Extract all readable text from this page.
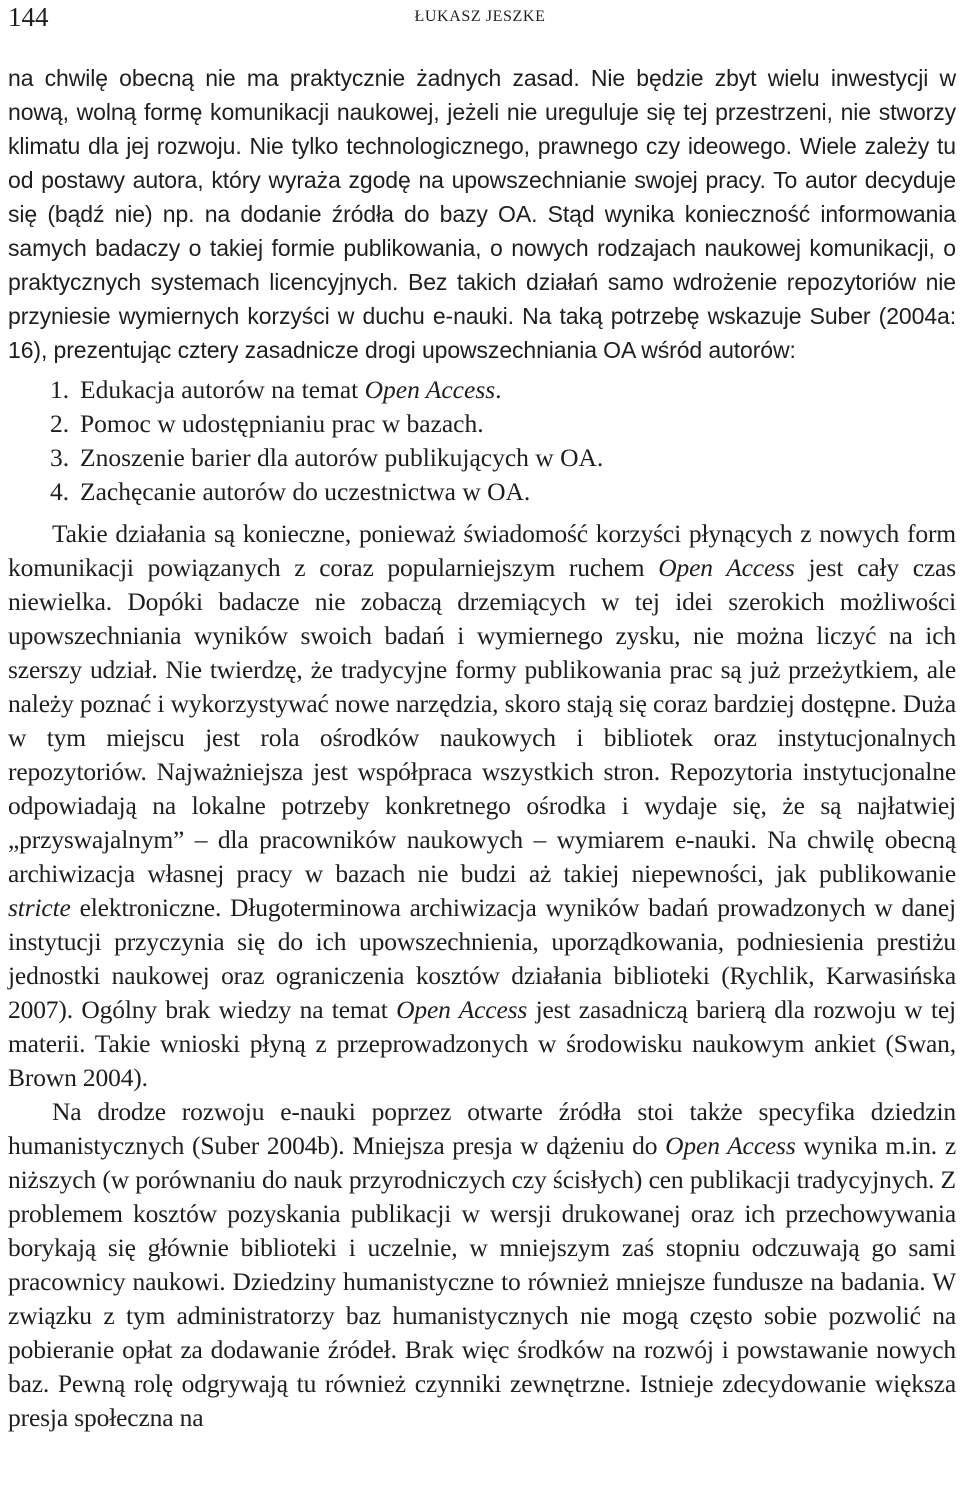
144	ŁUKASZ JESZKE

na chwilę obecną nie ma praktycznie żadnych zasad. Nie będzie zbyt wielu inwestycji w nową, wolną formę komunikacji naukowej, jeżeli nie ureguluje się tej przestrzeni, nie stworzy klimatu dla jej rozwoju. Nie tylko technologicznego, prawnego czy ideowego. Wiele zależy tu od postawy autora, który wyraża zgodę na upowszechnianie swojej pracy. To autor decyduje się (bądź nie) np. na dodanie źródła do bazy OA. Stąd wynika konieczność informowania samych badaczy o takiej formie publikowania, o nowych rodzajach naukowej komunikacji, o praktycznych systemach licencyjnych. Bez takich działań samo wdrożenie repozytoriów nie przyniesie wymiernych korzyści w duchu e-nauki. Na taką potrzebę wskazuje Suber (2004a: 16), prezentując cztery zasadnicze drogi upowszechniania OA wśród autorów:

1. Edukacja autorów na temat Open Access.
2. Pomoc w udostępnianiu prac w bazach.
3. Znoszenie barier dla autorów publikujących w OA.
4. Zachęcanie autorów do uczestnictwa w OA.

Takie działania są konieczne, ponieważ świadomość korzyści płynących z nowych form komunikacji powiązanych z coraz popularniejszym ruchem Open Access jest cały czas niewielka. Dopóki badacze nie zobaczą drzemiących w tej idei szerokich możliwości upowszechniania wyników swoich badań i wymiernego zysku, nie można liczyć na ich szerszy udział. Nie twierdzę, że tradycyjne formy publikowania prac są już przeżytkiem, ale należy poznać i wykorzystywać nowe narzędzia, skoro stają się coraz bardziej dostępne. Duża w tym miejscu jest rola ośrodków naukowych i bibliotek oraz instytucjonalnych repozytoriów. Najważniejsza jest współpraca wszystkich stron. Repozytoria instytucjonalne odpowiadają na lokalne potrzeby konkretnego ośrodka i wydaje się, że są najłatwiej „przyswajalnym” – dla pracowników naukowych – wymiarem e-nauki. Na chwilę obecną archiwizacja własnej pracy w bazach nie budzi aż takiej niepewności, jak publikowanie stricte elektroniczne. Długoterminowa archiwizacja wyników badań prowadzonych w danej instytucji przyczynia się do ich upowszechnienia, uporządkowania, podniesienia prestiżu jednostki naukowej oraz ograniczenia kosztów działania biblioteki (Rychlik, Karwasińska 2007). Ogólny brak wiedzy na temat Open Access jest zasadniczą barierą dla rozwoju w tej materii. Takie wnioski płyną z przeprowadzonych w środowisku naukowym ankiet (Swan, Brown 2004).

Na drodze rozwoju e-nauki poprzez otwarte źródła stoi także specyfika dziedzin humanistycznych (Suber 2004b). Mniejsza presja w dążeniu do Open Access wynika m.in. z niższych (w porównaniu do nauk przyrodniczych czy ścisłych) cen publikacji tradycyjnych. Z problemem kosztów pozyskania publikacji w wersji drukowanej oraz ich przechowywania borykają się głównie biblioteki i uczelnie, w mniejszym zaś stopniu odczuwają go sami pracownicy naukowi. Dziedziny humanistyczne to również mniejsze fundusze na badania. W związku z tym administratorzy baz humanistycznych nie mogą często sobie pozwolić na pobieranie opłat za dodawanie źródeł. Brak więc środków na rozwój i powstawanie nowych baz. Pewną rolę odgrywają tu również czynniki zewnętrzne. Istnieje zdecydowanie większa presja społeczna na
